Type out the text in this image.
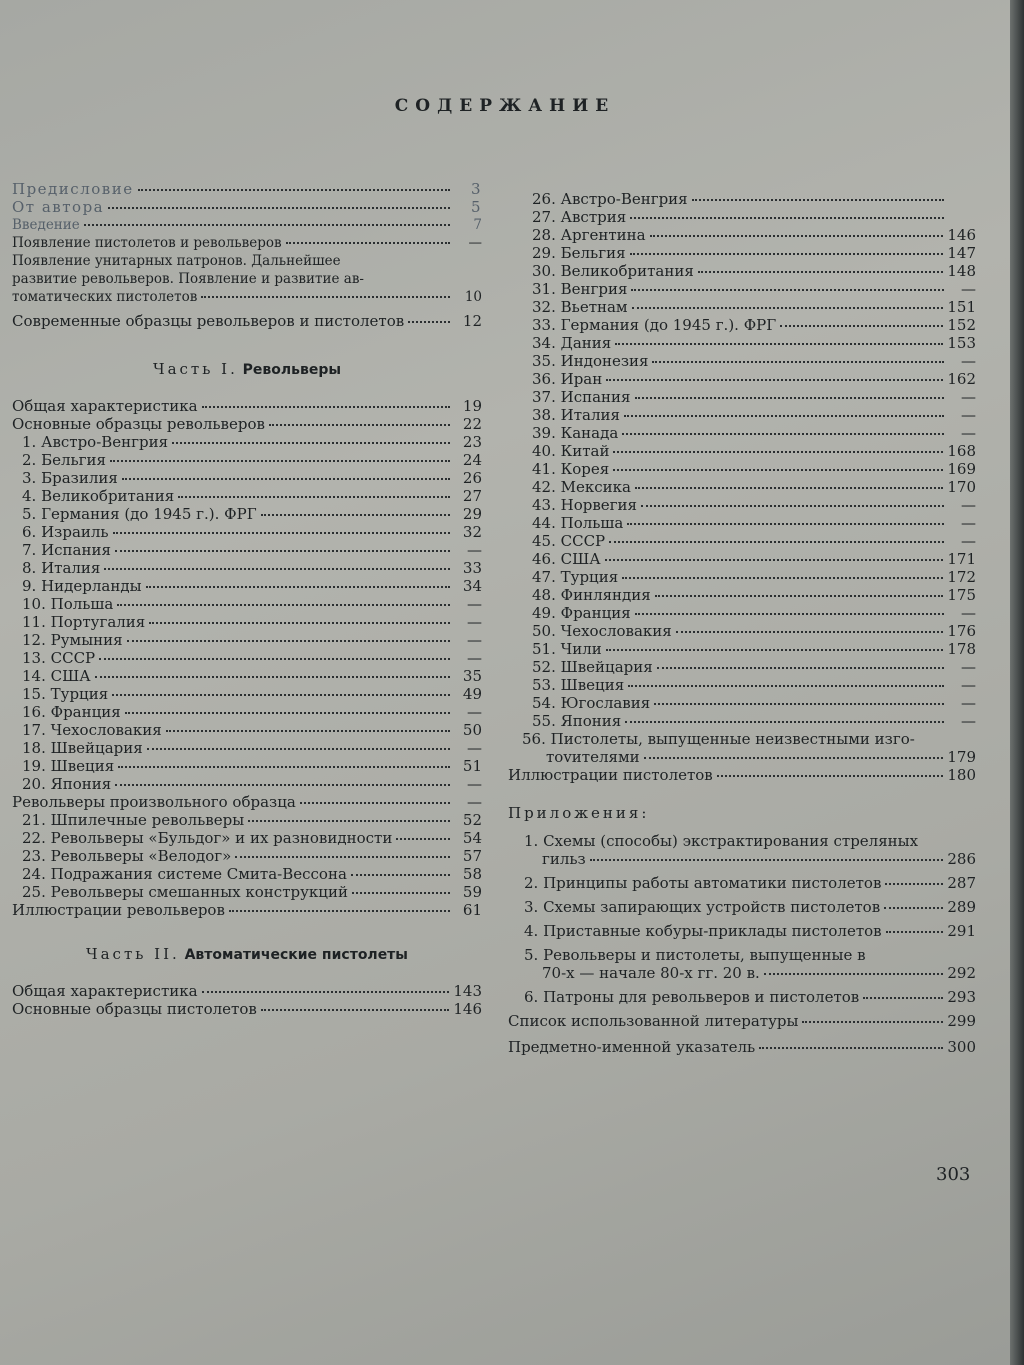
СОДЕРЖАНИЕ
Предисловие	3
От автора	5
Введение	7
Появление пистолетов и револьверов	—
Появление унитарных патронов. Дальнейшее
развитие револьверов. Появление и развитие ав-
томатических пистолетов	10
Современные образцы револьверов и пистолетов	12
Часть I. Револьверы
Общая характеристика	19
Основные образцы револьверов	22
1. Австро-Венгрия	23
2. Бельгия	24
3. Бразилия	26
4. Великобритания	27
5. Германия (до 1945 г.). ФРГ	29
6. Израиль	32
7. Испания	—
8. Италия	33
9. Нидерланды	34
10. Польша	—
11. Португалия	—
12. Румыния	—
13. СССР	—
14. США	35
15. Турция	49
16. Франция	—
17. Чехословакия	50
18. Швейцария	—
19. Швеция	51
20. Япония	—
Револьверы произвольного образца	—
21. Шпилечные револьверы	52
22. Револьверы «Бульдог» и их разновидности	54
23. Револьверы «Велодог»	57
24. Подражания системе Смита-Вессона	58
25. Револьверы смешанных конструкций	59
Иллюстрации револьверов	61
Часть II. Автоматические пистолеты
Общая характеристика	143
Основные образцы пистолетов	146
26. Австро-Венгрия
27. Австрия
28. Аргентина	146
29. Бельгия	147
30. Великобритания	148
31. Венгрия	—
32. Вьетнам	151
33. Германия (до 1945 г.). ФРГ	152
34. Дания	153
35. Индонезия	—
36. Иран	162
37. Испания	—
38. Италия	—
39. Канада	—
40. Китай	168
41. Корея	169
42. Мексика	170
43. Норвегия	—
44. Польша	—
45. СССР	—
46. США	171
47. Турция	172
48. Финляндия	175
49. Франция	—
50. Чехословакия	176
51. Чили	178
52. Швейцария	—
53. Швеция	—
54. Югославия	—
55. Япония	—
56. Пистолеты, выпущенные неизвестными изго-
тovителями	179
Иллюстрации пистолетов	180
Приложения:
1. Схемы (способы) экстрактирования стреляных
гильз	286
2. Принципы работы автоматики пистолетов	287
3. Схемы запирающих устройств пистолетов	289
4. Приставные кобуры-приклады пистолетов	291
5. Револьверы и пистолеты, выпущенные в
70-х — начале 80-х гг. 20 в.	292
6. Патроны для револьверов и пистолетов	293
Список использованной литературы	299
Предметно-именной указатель	300
303
